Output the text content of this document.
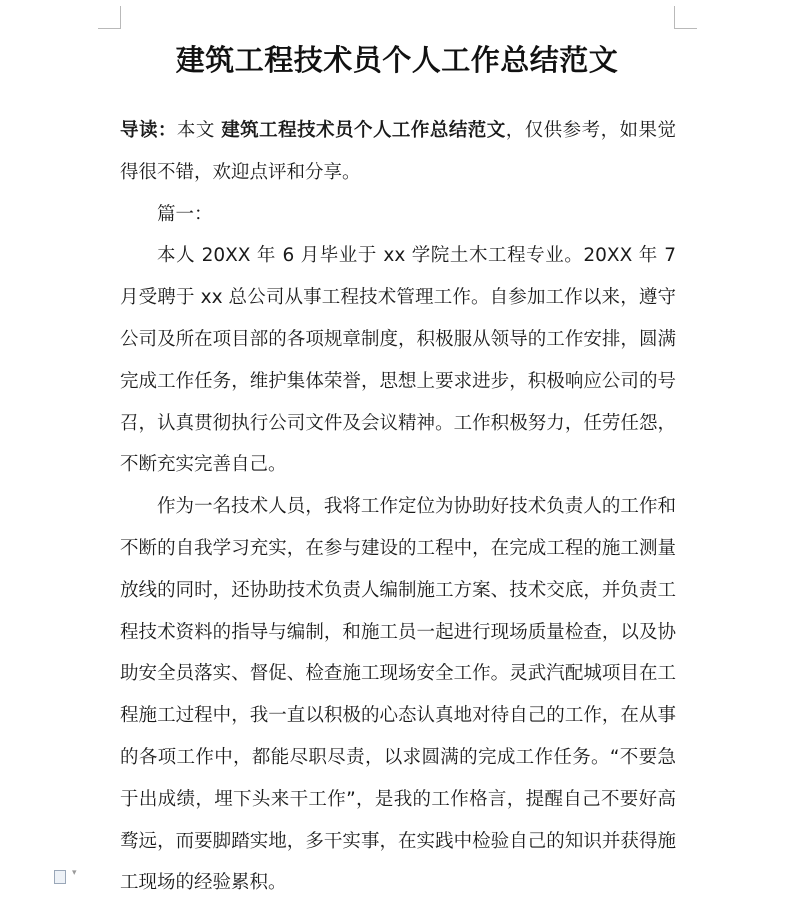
建筑工程技术员个人工作总结范文

导读：本文 建筑工程技术员个人工作总结范文，仅供参考，如果觉得很不错，欢迎点评和分享。

篇一：

本人 20XX 年 6 月毕业于 xx 学院土木工程专业。20XX 年 7 月受聘于 xx 总公司从事工程技术管理工作。自参加工作以来，遵守公司及所在项目部的各项规章制度，积极服从领导的工作安排，圆满完成工作任务，维护集体荣誉，思想上要求进步，积极响应公司的号召，认真贯彻执行公司文件及会议精神。工作积极努力，任劳任怨，不断充实完善自己。

作为一名技术人员，我将工作定位为协助好技术负责人的工作和不断的自我学习充实，在参与建设的工程中，在完成工程的施工测量放线的同时，还协助技术负责人编制施工方案、技术交底，并负责工程技术资料的指导与编制，和施工员一起进行现场质量检查，以及协助安全员落实、督促、检查施工现场安全工作。灵武汽配城项目在工程施工过程中，我一直以积极的心态认真地对待自己的工作，在从事的各项工作中，都能尽职尽责，以求圆满的完成工作任务。“不要急于出成绩，埋下头来干工作”，是我的工作格言，提醒自己不要好高骛远，而要脚踏实地，多干实事，在实践中检验自己的知识并获得施工现场的经验累积。

▾
